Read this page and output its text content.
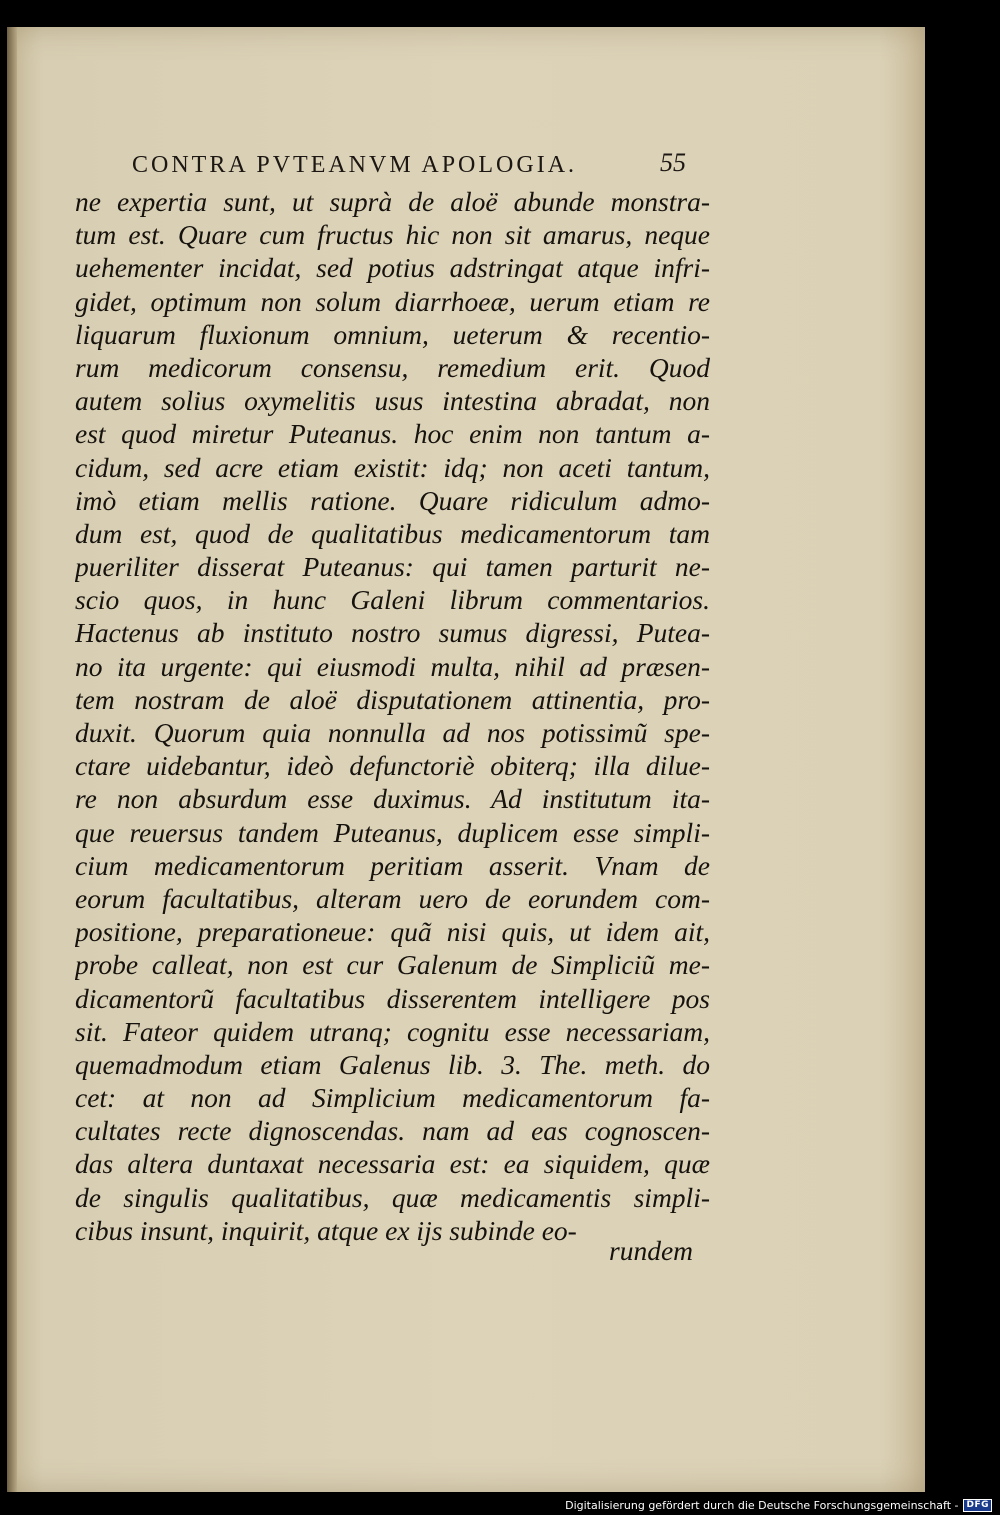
CONTRA PVTEANVM APOLOGIA.	55
ne expertia sunt, ut suprà de aloë abunde monstra-
tum est. Quare cum fructus hic non sit amarus, neque
uehementer incidat, sed potius adstringat atque infri-
gidet, optimum non solum diarrhoeæ, uerum etiam re
liquarum fluxionum omnium, ueterum & recentio-
rum medicorum consensu, remedium erit. Quod
autem solius oxymelitis usus intestina abradat, non
est quod miretur Puteanus. hoc enim non tantum a-
cidum, sed acre etiam existit: idq; non aceti tantum,
imò etiam mellis ratione. Quare ridiculum admo-
dum est, quod de qualitatibus medicamentorum tam
pueriliter disserat Puteanus: qui tamen parturit ne-
scio quos, in hunc Galeni librum commentarios.
Hactenus ab instituto nostro sumus digressi, Putea-
no ita urgente: qui eiusmodi multa, nihil ad præsen-
tem nostram de aloë disputationem attinentia, pro-
duxit. Quorum quia nonnulla ad nos potissimũ spe-
ctare uidebantur, ideò defunctoriè obiterq; illa dilue-
re non absurdum esse duximus. Ad institutum ita-
que reuersus tandem Puteanus, duplicem esse simpli-
cium medicamentorum peritiam asserit. Vnam de
eorum facultatibus, alteram uero de eorundem com-
positione, preparationeue: quã nisi quis, ut idem ait,
probe calleat, non est cur Galenum de Simpliciũ me-
dicamentorũ facultatibus disserentem intelligere pos
sit. Fateor quidem utranq; cognitu esse necessariam,
quemadmodum etiam Galenus lib. 3. The. meth. do
cet: at non ad Simplicium medicamentorum fa-
cultates recte dignoscendas. nam ad eas cognoscen-
das altera duntaxat necessaria est: ea siquidem, quæ
de singulis qualitatibus, quæ medicamentis simpli-
cibus insunt, inquirit, atque ex ijs subinde eo-
rundem
Digitalisierung gefördert durch die Deutsche Forschungsgemeinschaft - DFG
